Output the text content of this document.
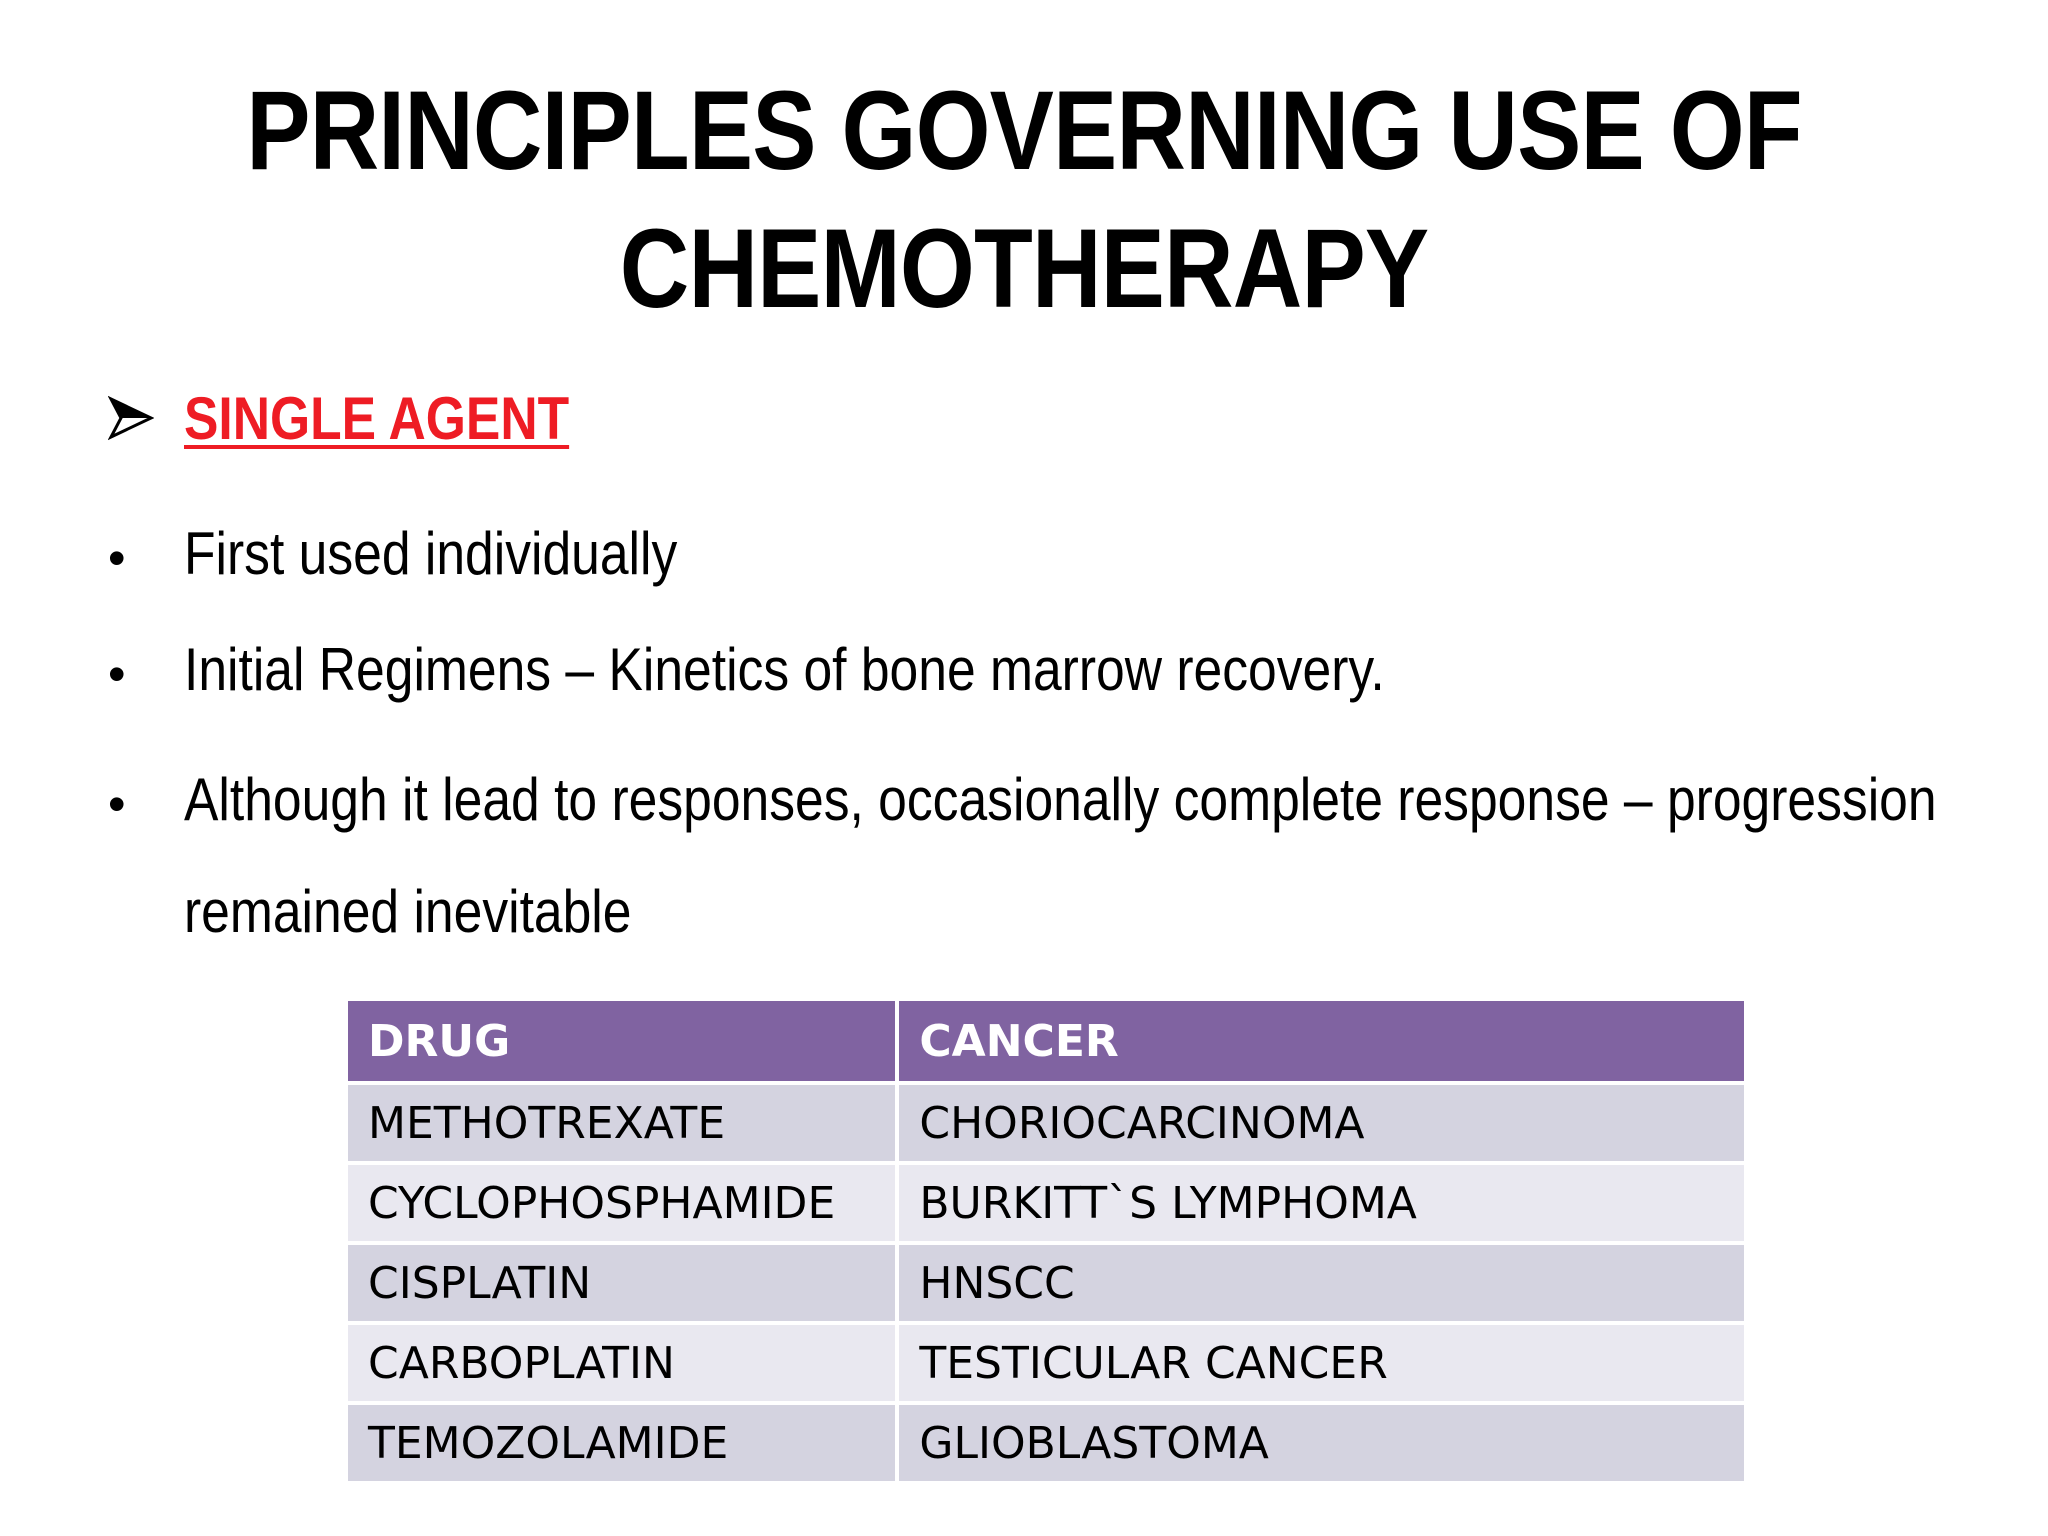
PRINCIPLES GOVERNING USE OF
CHEMOTHERAPY
SINGLE AGENT
• First used individually
• Initial Regimens – Kinetics of bone marrow recovery.
• Although it lead to responses, occasionally complete response – progression
remained inevitable
DRUG	CANCER
METHOTREXATE	CHORIOCARCINOMA
CYCLOPHOSPHAMIDE	BURKITT`S LYMPHOMA
CISPLATIN	HNSCC
CARBOPLATIN	TESTICULAR CANCER
TEMOZOLAMIDE	GLIOBLASTOMA
